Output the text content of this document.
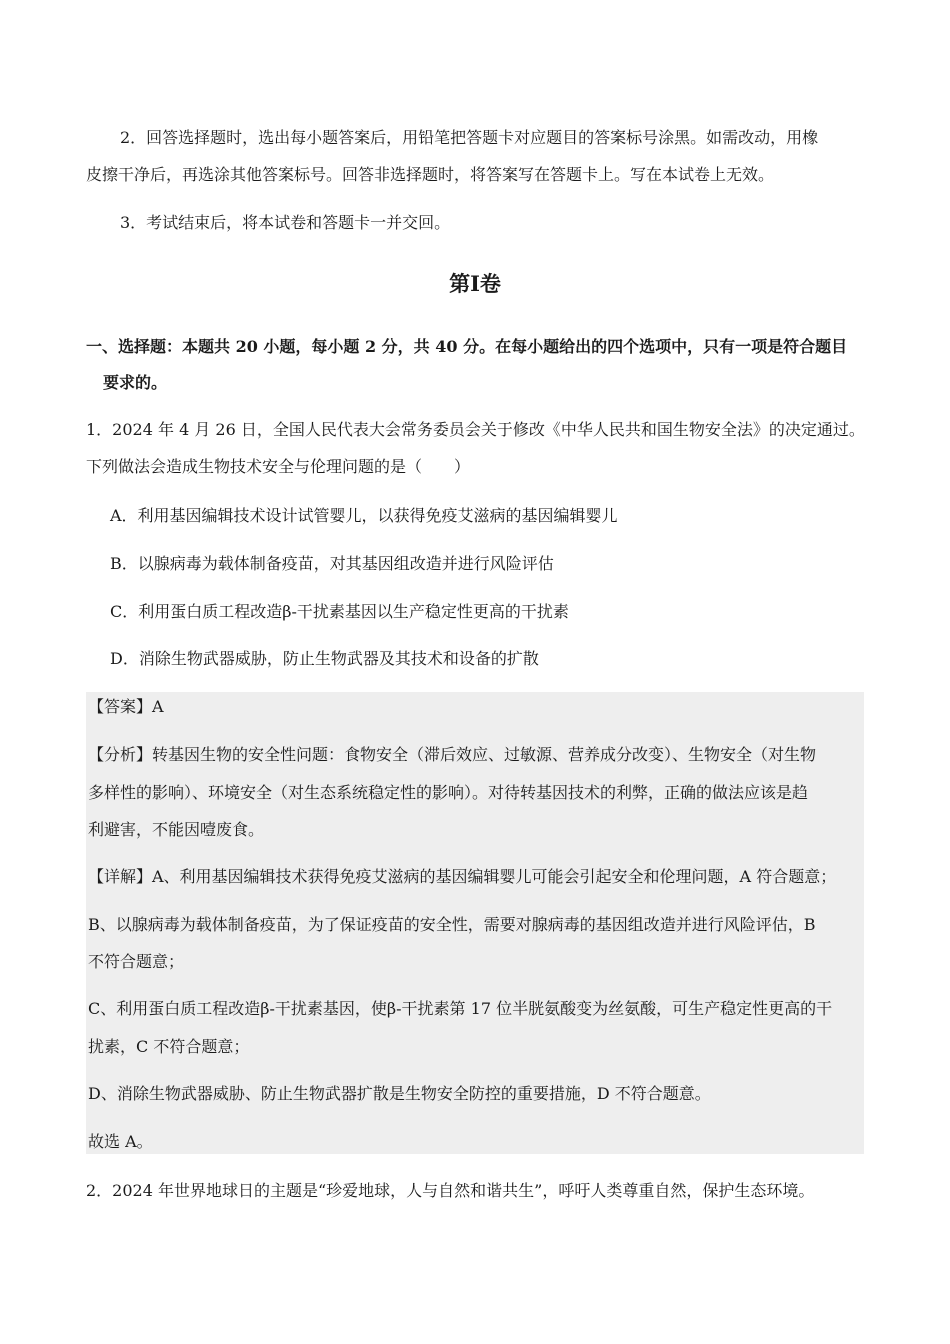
2．回答选择题时，选出每小题答案后，用铅笔把答题卡对应题目的答案标号涂黑。如需改动，用橡
皮擦干净后，再选涂其他答案标号。回答非选择题时，将答案写在答题卡上。写在本试卷上无效。
3．考试结束后，将本试卷和答题卡一并交回。
第Ⅰ卷
一、选择题：本题共 20 小题，每小题 2 分，共 40 分。在每小题给出的四个选项中，只有一项是符合题目
要求的。
1．2024 年 4 月 26 日，全国人民代表大会常务委员会关于修改《中华人民共和国生物安全法》的决定通过。
下列做法会造成生物技术安全与伦理问题的是（　　）
A．利用基因编辑技术设计试管婴儿，以获得免疫艾滋病的基因编辑婴儿
B．以腺病毒为载体制备疫苗，对其基因组改造并进行风险评估
C．利用蛋白质工程改造β-干扰素基因以生产稳定性更高的干扰素
D．消除生物武器威胁，防止生物武器及其技术和设备的扩散
【答案】A
【分析】转基因生物的安全性问题：食物安全（滞后效应、过敏源、营养成分改变）、生物安全（对生物
多样性的影响）、环境安全（对生态系统稳定性的影响）。对待转基因技术的利弊，正确的做法应该是趋
利避害，不能因噎废食。
【详解】A、利用基因编辑技术获得免疫艾滋病的基因编辑婴儿可能会引起安全和伦理问题，A 符合题意；
B、以腺病毒为载体制备疫苗，为了保证疫苗的安全性，需要对腺病毒的基因组改造并进行风险评估，B
不符合题意；
C、利用蛋白质工程改造β-干扰素基因，使β-干扰素第 17 位半胱氨酸变为丝氨酸，可生产稳定性更高的干
扰素，C 不符合题意；
D、消除生物武器威胁、防止生物武器扩散是生物安全防控的重要措施，D 不符合题意。
故选 A。
2．2024 年世界地球日的主题是“珍爱地球，人与自然和谐共生”，呼吁人类尊重自然，保护生态环境。
